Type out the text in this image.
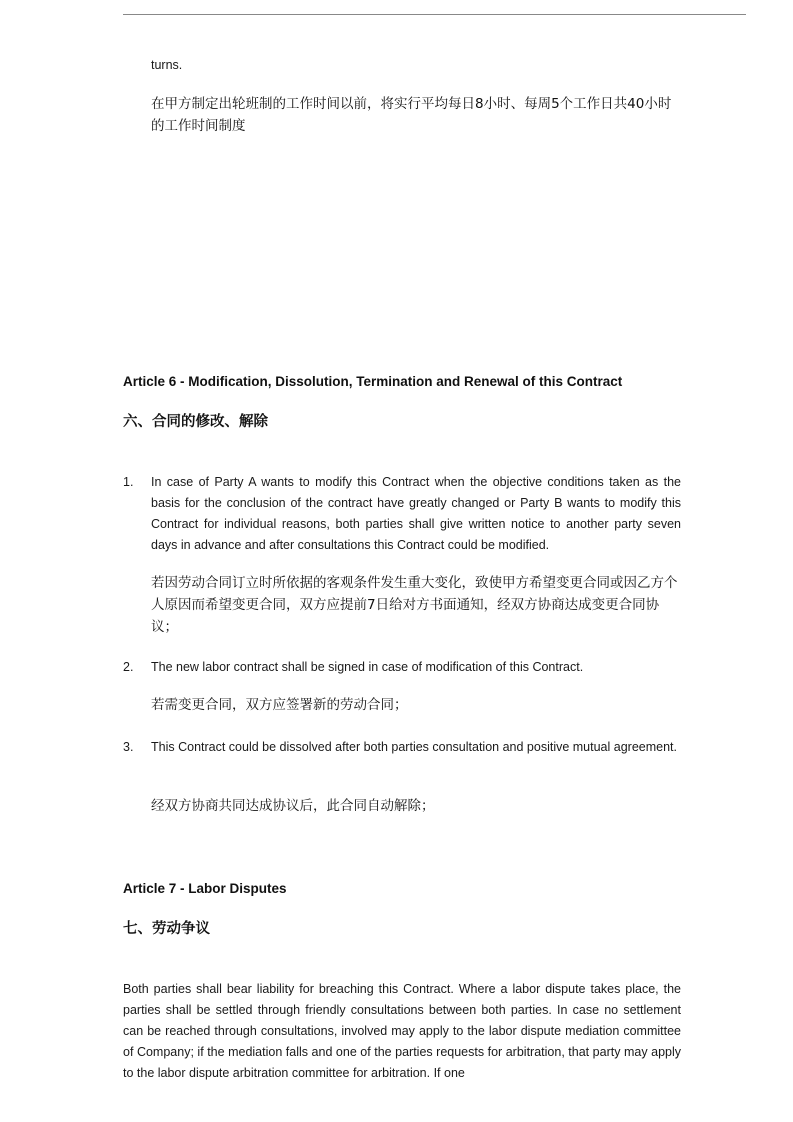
turns.
在甲方制定出轮班制的工作时间以前，将实行平均每日8小时、每周5个工作日共40小时的工作时间制度
Article 6 - Modification, Dissolution, Termination and Renewal of this Contract
六、合同的修改、解除
1. In case of Party A wants to modify this Contract when the objective conditions taken as the basis for the conclusion of the contract have greatly changed or Party B wants to modify this Contract for individual reasons, both parties shall give written notice to another party seven days in advance and after consultations this Contract could be modified.
若因劳动合同订立时所依据的客观条件发生重大变化，致使甲方希望变更合同或因乙方个人原因而希望变更合同，双方应提前7日给对方书面通知，经双方协商达成变更合同协议；
2. The new labor contract shall be signed in case of modification of this Contract.
若需变更合同，双方应签署新的劳动合同；
3. This Contract could be dissolved after both parties consultation and positive mutual agreement.
经双方协商共同达成协议后，此合同自动解除；
Article 7 - Labor Disputes
七、劳动争议
Both parties shall bear liability for breaching this Contract. Where a labor dispute takes place, the parties shall be settled through friendly consultations between both parties. In case no settlement can be reached through consultations, involved may apply to the labor dispute mediation committee of Company; if the mediation falls and one of the parties requests for arbitration, that party may apply to the labor dispute arbitration committee for arbitration. If one
